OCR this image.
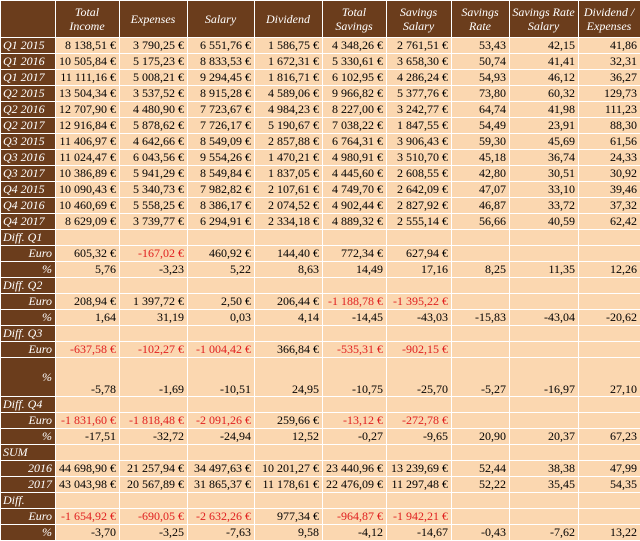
	Total Income	Expenses	Salary	Dividend	Total Savings	Savings Salary	Savings Rate	Savings Rate Salary	Dividend / Expenses
Q1 2015	8 138,51 €	3 790,25 €	6 551,76 €	1 586,75 €	4 348,26 €	2 761,51 €	53,43	42,15	41,86
Q1 2016	10 505,84 €	5 175,23 €	8 833,53 €	1 672,31 €	5 330,61 €	3 658,30 €	50,74	41,41	32,31
Q1 2017	11 111,16 €	5 008,21 €	9 294,45 €	1 816,71 €	6 102,95 €	4 286,24 €	54,93	46,12	36,27
Q2 2015	13 504,34 €	3 537,52 €	8 915,28 €	4 589,06 €	9 966,82 €	5 377,76 €	73,80	60,32	129,73
Q2 2016	12 707,90 €	4 480,90 €	7 723,67 €	4 984,23 €	8 227,00 €	3 242,77 €	64,74	41,98	111,23
Q2 2017	12 916,84 €	5 878,62 €	7 726,17 €	5 190,67 €	7 038,22 €	1 847,55 €	54,49	23,91	88,30
Q3 2015	11 406,97 €	4 642,66 €	8 549,09 €	2 857,88 €	6 764,31 €	3 906,43 €	59,30	45,69	61,56
Q3 2016	11 024,47 €	6 043,56 €	9 554,26 €	1 470,21 €	4 980,91 €	3 510,70 €	45,18	36,74	24,33
Q3 2017	10 386,89 €	5 941,29 €	8 549,84 €	1 837,05 €	4 445,60 €	2 608,55 €	42,80	30,51	30,92
Q4 2015	10 090,43 €	5 340,73 €	7 982,82 €	2 107,61 €	4 749,70 €	2 642,09 €	47,07	33,10	39,46
Q4 2016	10 460,69 €	5 558,25 €	8 386,17 €	2 074,52 €	4 902,44 €	2 827,92 €	46,87	33,72	37,32
Q4 2017	8 629,09 €	3 739,77 €	6 294,91 €	2 334,18 €	4 889,32 €	2 555,14 €	56,66	40,59	62,42
Diff. Q1									
Euro	605,32 €	-167,02 €	460,92 €	144,40 €	772,34 €	627,94 €			
%	5,76	-3,23	5,22	8,63	14,49	17,16	8,25	11,35	12,26
Diff. Q2									
Euro	208,94 €	1 397,72 €	2,50 €	206,44 €	-1 188,78 €	-1 395,22 €			
%	1,64	31,19	0,03	4,14	-14,45	-43,03	-15,83	-43,04	-20,62
Diff. Q3									
Euro	-637,58 €	-102,27 €	-1 004,42 €	366,84 €	-535,31 €	-902,15 €			
%	-5,78	-1,69	-10,51	24,95	-10,75	-25,70	-5,27	-16,97	27,10
Diff. Q4									
Euro	-1 831,60 €	-1 818,48 €	-2 091,26 €	259,66 €	-13,12 €	-272,78 €			
%	-17,51	-32,72	-24,94	12,52	-0,27	-9,65	20,90	20,37	67,23
SUM									
2016	44 698,90 €	21 257,94 €	34 497,63 €	10 201,27 €	23 440,96 €	13 239,69 €	52,44	38,38	47,99
2017	43 043,98 €	20 567,89 €	31 865,37 €	11 178,61 €	22 476,09 €	11 297,48 €	52,22	35,45	54,35
Diff.									
Euro	-1 654,92 €	-690,05 €	-2 632,26 €	977,34 €	-964,87 €	-1 942,21 €			
%	-3,70	-3,25	-7,63	9,58	-4,12	-14,67	-0,43	-7,62	13,22
